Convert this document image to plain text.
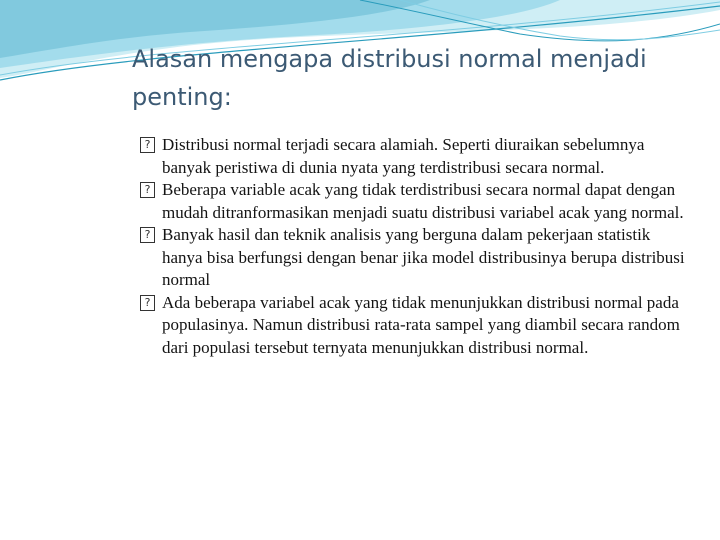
Alasan mengapa distribusi normal menjadi penting:
? Distribusi normal terjadi secara alamiah. Seperti diuraikan sebelumnya banyak peristiwa di dunia nyata yang terdistribusi secara normal.
? Beberapa variable acak yang tidak terdistribusi secara normal dapat dengan mudah ditranformasikan menjadi suatu distribusi variabel acak yang normal.
? Banyak hasil dan teknik analisis yang berguna dalam pekerjaan statistik hanya bisa berfungsi dengan benar jika model distribusinya berupa distribusi normal
? Ada beberapa variabel acak yang tidak menunjukkan distribusi normal pada populasinya. Namun distribusi rata-rata sampel yang diambil secara random dari populasi tersebut ternyata menunjukkan distribusi normal.
